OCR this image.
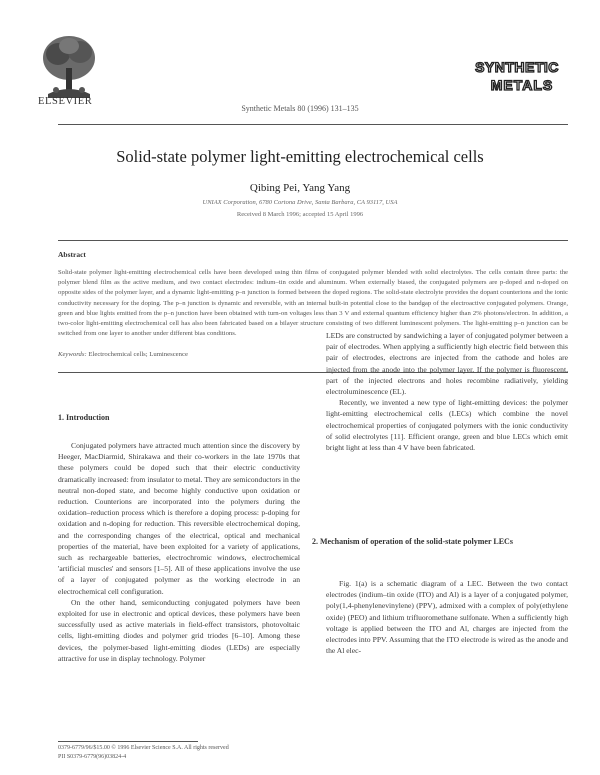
ELSEVIER
Synthetic Metals 80 (1996) 131–135
SYNTHETIC
METALS
Solid-state polymer light-emitting electrochemical cells
Qibing Pei, Yang Yang
UNIAX Corporation, 6780 Cortona Drive, Santa Barbara, CA 93117, USA
Received 8 March 1996; accepted 15 April 1996
Abstract
Solid-state polymer light-emitting electrochemical cells have been developed using thin films of conjugated polymer blended with solid electrolytes. The cells contain three parts: the polymer blend film as the active medium, and two contact electrodes: indium–tin oxide and aluminum. When externally biased, the conjugated polymers are p-doped and n-doped on opposite sides of the polymer layer, and a dynamic light-emitting p–n junction is formed between the doped regions. The solid-state electrolyte provides the dopant counterions and the ionic conductivity necessary for the doping. The p–n junction is dynamic and reversible, with an internal built-in potential close to the bandgap of the electroactive conjugated polymers. Orange, green and blue lights emitted from the p–n junction have been obtained with turn-on voltages less than 3 V and external quantum efficiency higher than 2% photons/electron. In addition, a two-color light-emitting electrochemical cell has also been fabricated based on a bilayer structure consisting of two different luminescent polymers. The light-emitting p–n junction can be switched from one layer to another under different bias conditions.
Keywords: Electrochemical cells; Luminescence
1. Introduction

Conjugated polymers have attracted much attention since the discovery by Heeger, MacDiarmid, Shirakawa and their co-workers in the late 1970s that these polymers could be doped such that their electric conductivity dramatically increased: from insulator to metal. They are semiconductors in the neutral non-doped state, and become highly conductive upon oxidation or reduction. Counterions are incorporated into the polymers during the oxidation–reduction process which is therefore a doping process: p-doping for oxidation and n-doping for reduction. This reversible electrochemical doping, and the corresponding changes of the electrical, optical and mechanical properties of the material, have been exploited for a variety of applications, such as rechargeable batteries, electrochromic windows, electrochemical 'artificial muscles' and sensors [1–5]. All of these applications involve the use of a layer of conjugated polymer as the working electrode in an electrochemical cell configuration.

On the other hand, semiconducting conjugated polymers have been exploited for use in electronic and optical devices, these polymers have been successfully used as active materials in field-effect transistors, photovoltaic cells, light-emitting diodes and polymer grid triodes [6–10]. Among these devices, the polymer-based light-emitting diodes (LEDs) are especially attractive for use in display technology. Polymer

LEDs are constructed by sandwiching a layer of conjugated polymer between a pair of electrodes. When applying a sufficiently high electric field between this pair of electrodes, electrons are injected from the cathode and holes are injected from the anode into the polymer layer. If the polymer is fluorescent, part of the injected electrons and holes recombine radiatively, yielding electroluminescence (EL).

Recently, we invented a new type of light-emitting devices: the polymer light-emitting electrochemical cells (LECs) which combine the novel electrochemical properties of conjugated polymers with the ionic conductivity of solid electrolytes [11]. Efficient orange, green and blue LECs which emit bright light at less than 4 V have been fabricated.

2. Mechanism of operation of the solid-state polymer LECs

Fig. 1(a) is a schematic diagram of a LEC. Between the two contact electrodes (indium–tin oxide (ITO) and Al) is a layer of a conjugated polymer, poly(1,4-phenylenevinylene) (PPV), admixed with a complex of poly(ethylene oxide) (PEO) and lithium trifluoromethane sulfonate. When a sufficiently high voltage is applied between the ITO and Al, charges are injected from the electrodes into PPV. Assuming that the ITO electrode is wired as the anode and the Al elec-

0379-6779/96/$15.00 © 1996 Elsevier Science S.A. All rights reserved
PII S0379-6779(96)03824-4
